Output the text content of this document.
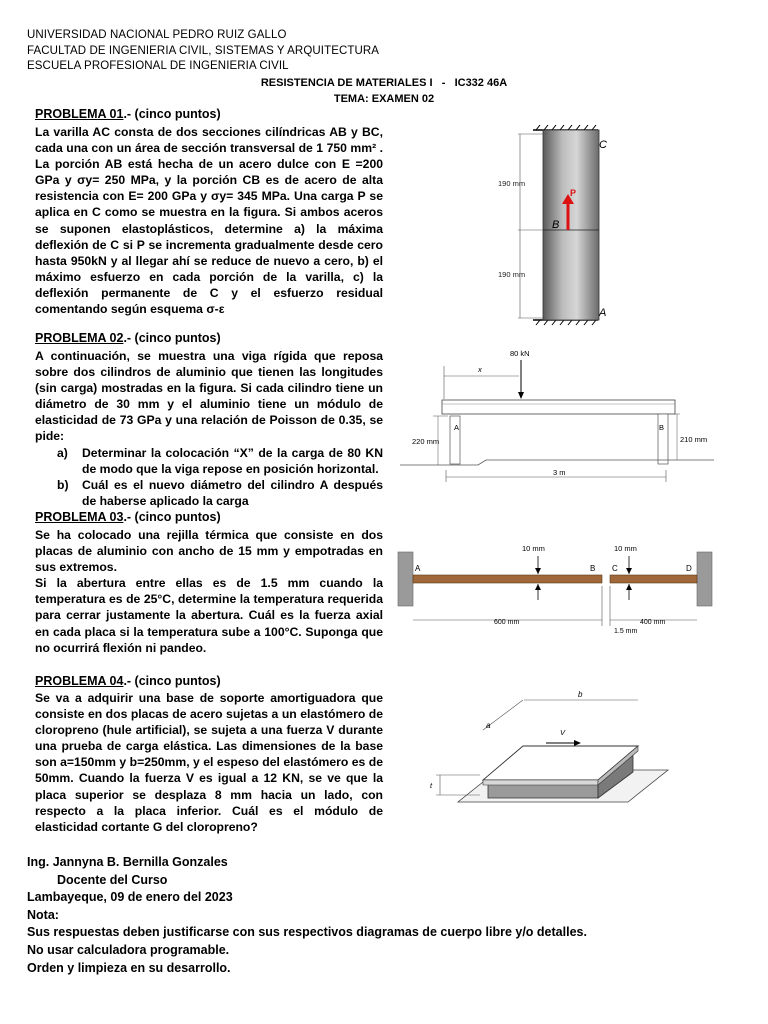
UNIVERSIDAD NACIONAL PEDRO RUIZ GALLO
FACULTAD DE INGENIERIA CIVIL, SISTEMAS Y ARQUITECTURA
ESCUELA PROFESIONAL DE INGENIERIA CIVIL
RESISTENCIA DE MATERIALES I   -   IC332 46A
TEMA: EXAMEN 02
PROBLEMA 01.- (cinco puntos)

La varilla AC consta de dos secciones cilíndricas AB y BC, cada una con un área de sección transversal de 1 750 mm² . La porción AB está hecha de un acero dulce con E =200 GPa y σy= 250 MPa, y la porción CB es de acero de alta resistencia con E= 200 GPa y σy= 345 MPa. Una carga P se aplica en C como se muestra en la figura. Si ambos aceros se suponen elastoplásticos, determine a) la máxima deflexión de C si P se incrementa gradualmente desde cero hasta 950kN y al llegar ahí se reduce de nuevo a cero, b) el máximo esfuerzo en cada porción de la varilla, c) la deflexión permanente de C y el esfuerzo residual comentando según esquema σ-ε

190 mm
190 mm
C
B
A
P
PROBLEMA 02.- (cinco puntos)

A continuación, se muestra una viga rígida que reposa sobre dos cilindros de aluminio que tienen las longitudes (sin carga) mostradas en la figura. Si cada cilindro tiene un diámetro de 30 mm y el aluminio tiene un módulo de elasticidad de 73 GPa y una relación de Poisson de 0.35, se pide:

a) Determinar la colocación “X” de la carga de 80 KN de modo que la viga repose en posición horizontal.
b) Cuál es el nuevo diámetro del cilindro A después de haberse aplicado la carga
80 kN
x
A	B
220 mm	210 mm
3 m
PROBLEMA 03.- (cinco puntos)

Se ha colocado una rejilla térmica que consiste en dos placas de aluminio con ancho de 15 mm y empotradas en sus extremos.

Si la abertura entre ellas es de 1.5 mm cuando la temperatura es de 25°C, determine la temperatura requerida para cerrar justamente la abertura. Cuál es la fuerza axial en cada placa si la temperatura sube a 100°C. Suponga que no ocurrirá flexión ni pandeo.

A	B C	D
10 mm	10 mm
600 mm	400 mm
1.5 mm
PROBLEMA 04.- (cinco puntos)

Se va a adquirir una base de soporte amortiguadora que consiste en dos placas de acero sujetas a un elastómero de cloropreno (hule artificial), se sujeta a una fuerza V durante una prueba de carga elástica. Las dimensiones de la base son a=150mm y b=250mm, y el espeso del elastómero es de 50mm. Cuando la fuerza V es igual a 12 KN, se ve que la placa superior se desplaza 8 mm hacia un lado, con respecto a la placa inferior. Cuál es el módulo de elasticidad cortante G del cloropreno?

a
b
V
t
Ing. Jannyna B. Bernilla Gonzales
Docente del Curso
Lambayeque, 09 de enero del 2023
Nota:
Sus respuestas deben justificarse con sus respectivos diagramas de cuerpo libre y/o detalles.
No usar calculadora programable.
Orden y limpieza en su desarrollo.
